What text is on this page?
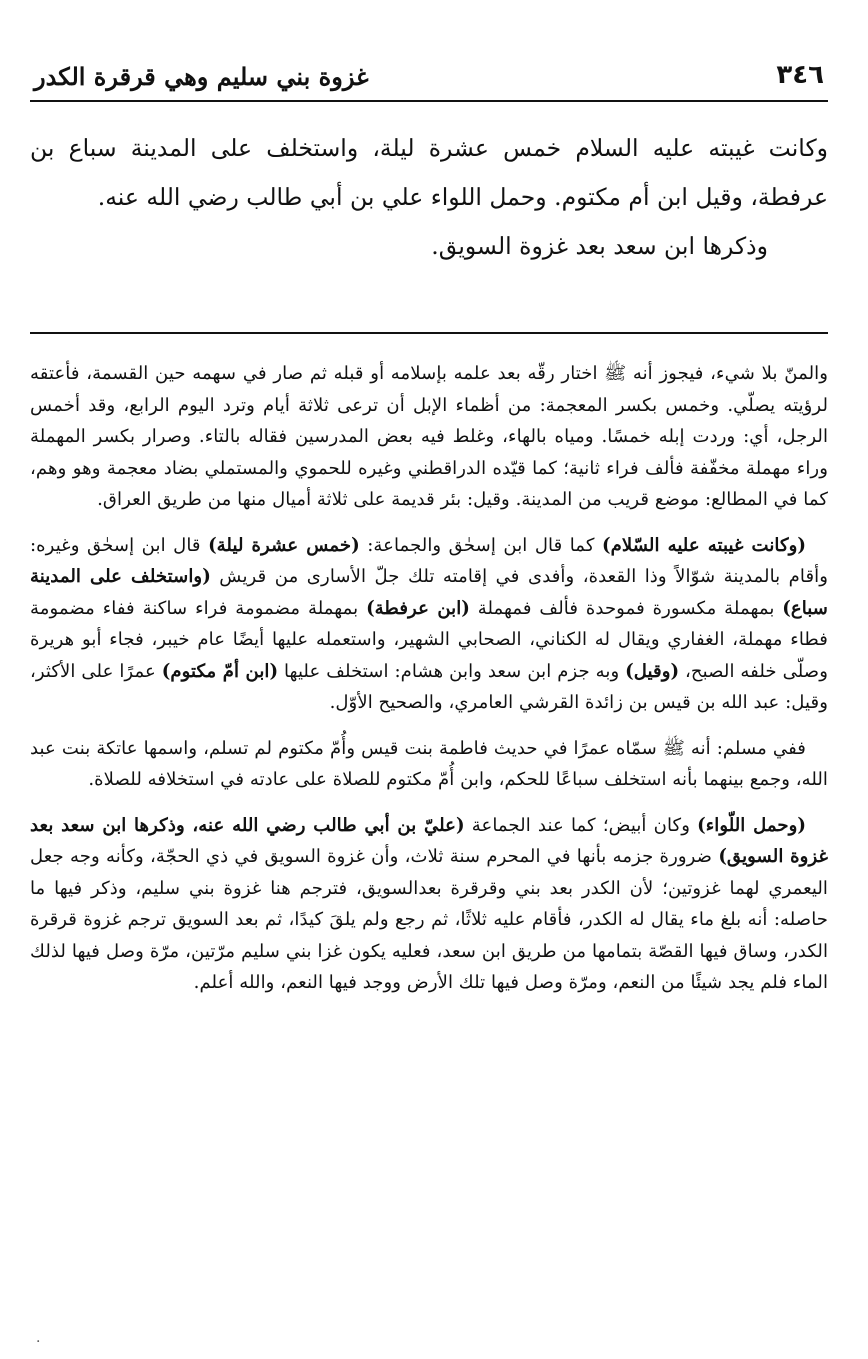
٣٤٦
غزوة بني سليم وهي قرقرة الكدر

وكانت غيبته عليه السلام خمس عشرة ليلة، واستخلف على المدينة سباع بن عرفطة، وقيل ابن أم مكتوم. وحمل اللواء علي بن أبي طالب رضي الله عنه.

وذكرها ابن سعد بعد غزوة السويق.

والمنّ بلا شيء، فيجوز أنه ﷺ اختار رقّه بعد علمه بإسلامه أو قبله ثم صار في سهمه حين القسمة، فأعتقه لرؤيته يصلّي. وخمس بكسر المعجمة: من أظماء الإبل أن ترعى ثلاثة أيام وترد اليوم الرابع، وقد أخمس الرجل، أي: وردت إبله خمسًا. ومياه بالهاء، وغلط فيه بعض المدرسين فقاله بالتاء. وصرار بكسر المهملة وراء مهملة مخفّفة فألف فراء ثانية؛ كما قيّده الدراقطني وغيره للحموي والمستملي بضاد معجمة وهو وهم، كما في المطالع: موضع قريب من المدينة. وقيل: بئر قديمة على ثلاثة أميال منها من طريق العراق.

(وكانت غيبته عليه السّلام) كما قال ابن إسحٰق والجماعة: (خمس عشرة ليلة) قال ابن إسحٰق وغيره: وأقام بالمدينة شوّالاً وذا القعدة، وأفدى في إقامته تلك جلّ الأسارى من قريش (واستخلف على المدينة سباع) بمهملة مكسورة فموحدة فألف فمهملة (ابن عرفطة) بمهملة مضمومة فراء ساكنة ففاء مضمومة فطاء مهملة، الغفاري ويقال له الكناني، الصحابي الشهير، واستعمله عليها أيضًا عام خيبر، فجاء أبو هريرة وصلّى خلفه الصبح، (وقيل) وبه جزم ابن سعد وابن هشام: استخلف عليها (ابن أمّ مكتوم) عمرًا على الأكثر، وقيل: عبد الله بن قيس بن زائدة القرشي العامري، والصحيح الأوّل.

ففي مسلم: أنه ﷺ سمّاه عمرًا في حديث فاطمة بنت قيس وأُمّ مكتوم لم تسلم، واسمها عاتكة بنت عبد الله، وجمع بينهما بأنه استخلف سباعًا للحكم، وابن أُمّ مكتوم للصلاة على عادته في استخلافه للصلاة.

(وحمل اللّواء) وكان أبيض؛ كما عند الجماعة (عليّ بن أبي طالب رضي الله عنه، وذكرها ابن سعد بعد غزوة السويق) ضرورة جزمه بأنها في المحرم سنة ثلاث، وأن غزوة السويق في ذي الحجّة، وكأنه وجه جعل اليعمري لهما غزوتين؛ لأن الكدر بعد بني وقرقرة بعدالسويق، فترجم هنا غزوة بني سليم، وذكر فيها ما حاصله: أنه بلغ ماء يقال له الكدر، فأقام عليه ثلاثًا، ثم رجع ولم يلقَ كيدًا، ثم بعد السويق ترجم غزوة قرقرة الكدر، وساق فيها القصّة بتمامها من طريق ابن سعد، فعليه يكون غزا بني سليم مرّتين، مرّة وصل فيها لذلك الماء فلم يجد شيئًا من النعم، ومرّة وصل فيها تلك الأرض ووجد فيها النعم، والله أعلم.

·
